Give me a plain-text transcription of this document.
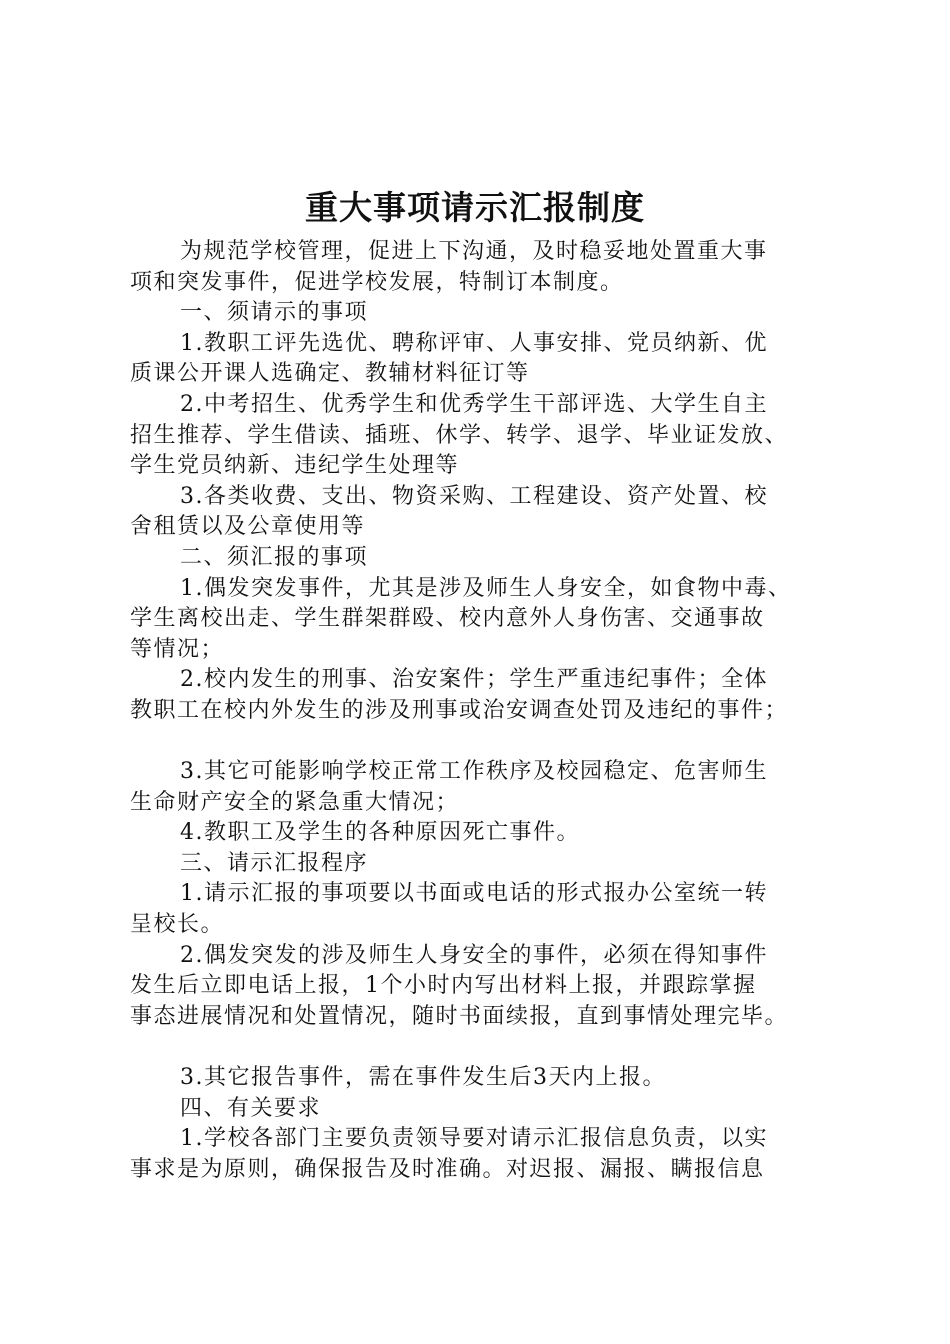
重大事项请示汇报制度
为规范学校管理，促进上下沟通，及时稳妥地处置重大事
项和突发事件，促进学校发展，特制订本制度。
一、须请示的事项
1.教职工评先选优、聘称评审、人事安排、党员纳新、优
质课公开课人选确定、教辅材料征订等
2.中考招生、优秀学生和优秀学生干部评选、大学生自主
招生推荐、学生借读、插班、休学、转学、退学、毕业证发放、
学生党员纳新、违纪学生处理等
3.各类收费、支出、物资采购、工程建设、资产处置、校
舍租赁以及公章使用等
二、须汇报的事项
1.偶发突发事件，尤其是涉及师生人身安全，如食物中毒、
学生离校出走、学生群架群殴、校内意外人身伤害、交通事故
等情况；
2.校内发生的刑事、治安案件；学生严重违纪事件；全体
教职工在校内外发生的涉及刑事或治安调查处罚及违纪的事件；
3.其它可能影响学校正常工作秩序及校园稳定、危害师生
生命财产安全的紧急重大情况；
4.教职工及学生的各种原因死亡事件。
三、请示汇报程序
1.请示汇报的事项要以书面或电话的形式报办公室统一转
呈校长。
2.偶发突发的涉及师生人身安全的事件，必须在得知事件
发生后立即电话上报，1个小时内写出材料上报，并跟踪掌握
事态进展情况和处置情况，随时书面续报，直到事情处理完毕。
3.其它报告事件，需在事件发生后3天内上报。
四、有关要求
1.学校各部门主要负责领导要对请示汇报信息负责，以实
事求是为原则，确保报告及时准确。对迟报、漏报、瞒报信息
